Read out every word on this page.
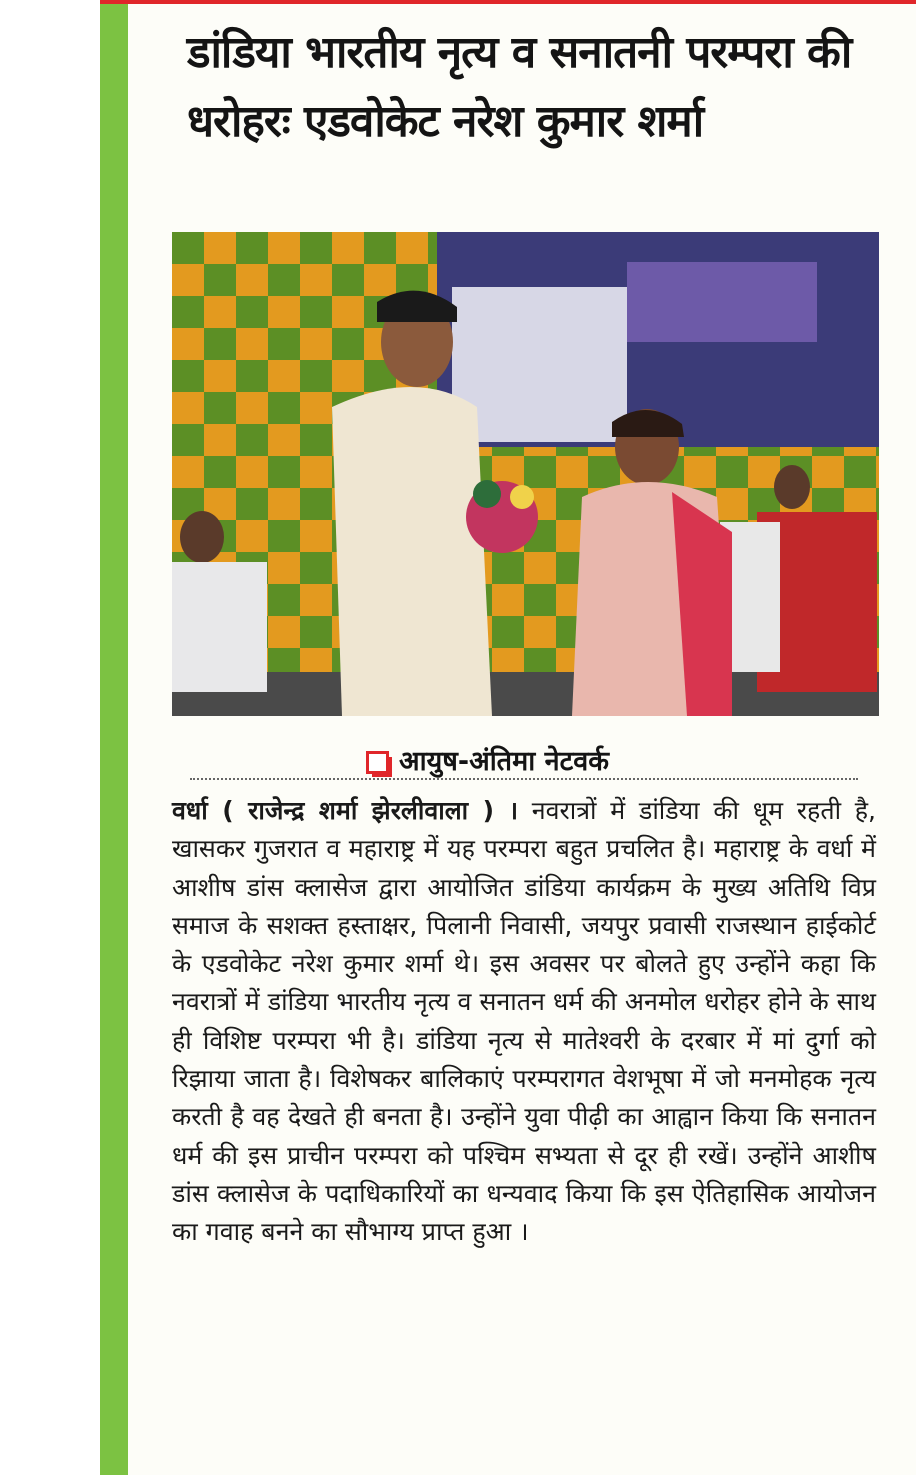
डांडिया भारतीय नृत्य व सनातनी परम्परा की धरोहरः एडवोकेट नरेश कुमार शर्मा
आयुष-अंतिमा नेटवर्क
वर्धा ( राजेन्द्र शर्मा झेरलीवाला ) । नवरात्रों में डांडिया की धूम रहती है, खासकर गुजरात व महाराष्ट्र में यह परम्परा बहुत प्रचलित है। महाराष्ट्र के वर्धा में आशीष डांस क्लासेज द्वारा आयोजित डांडिया कार्यक्रम के मुख्य अतिथि विप्र समाज के सशक्त हस्ताक्षर, पिलानी निवासी, जयपुर प्रवासी राजस्थान हाईकोर्ट के एडवोकेट नरेश कुमार शर्मा थे। इस अवसर पर बोलते हुए उन्होंने कहा कि नवरात्रों में डांडिया भारतीय नृत्य व सनातन धर्म की अनमोल धरोहर होने के साथ ही विशिष्ट परम्परा भी है। डांडिया नृत्य से मातेश्वरी के दरबार में मां दुर्गा को रिझाया जाता है। विशेषकर बालिकाएं परम्परागत वेशभूषा में जो मनमोहक नृत्य करती है वह देखते ही बनता है। उन्होंने युवा पीढ़ी का आह्वान किया कि सनातन धर्म की इस प्राचीन परम्परा को पश्चिम सभ्यता से दूर ही रखें। उन्होंने आशीष डांस क्लासेज के पदाधिकारियों का धन्यवाद किया कि इस ऐतिहासिक आयोजन का गवाह बनने का सौभाग्य प्राप्त हुआ ।
